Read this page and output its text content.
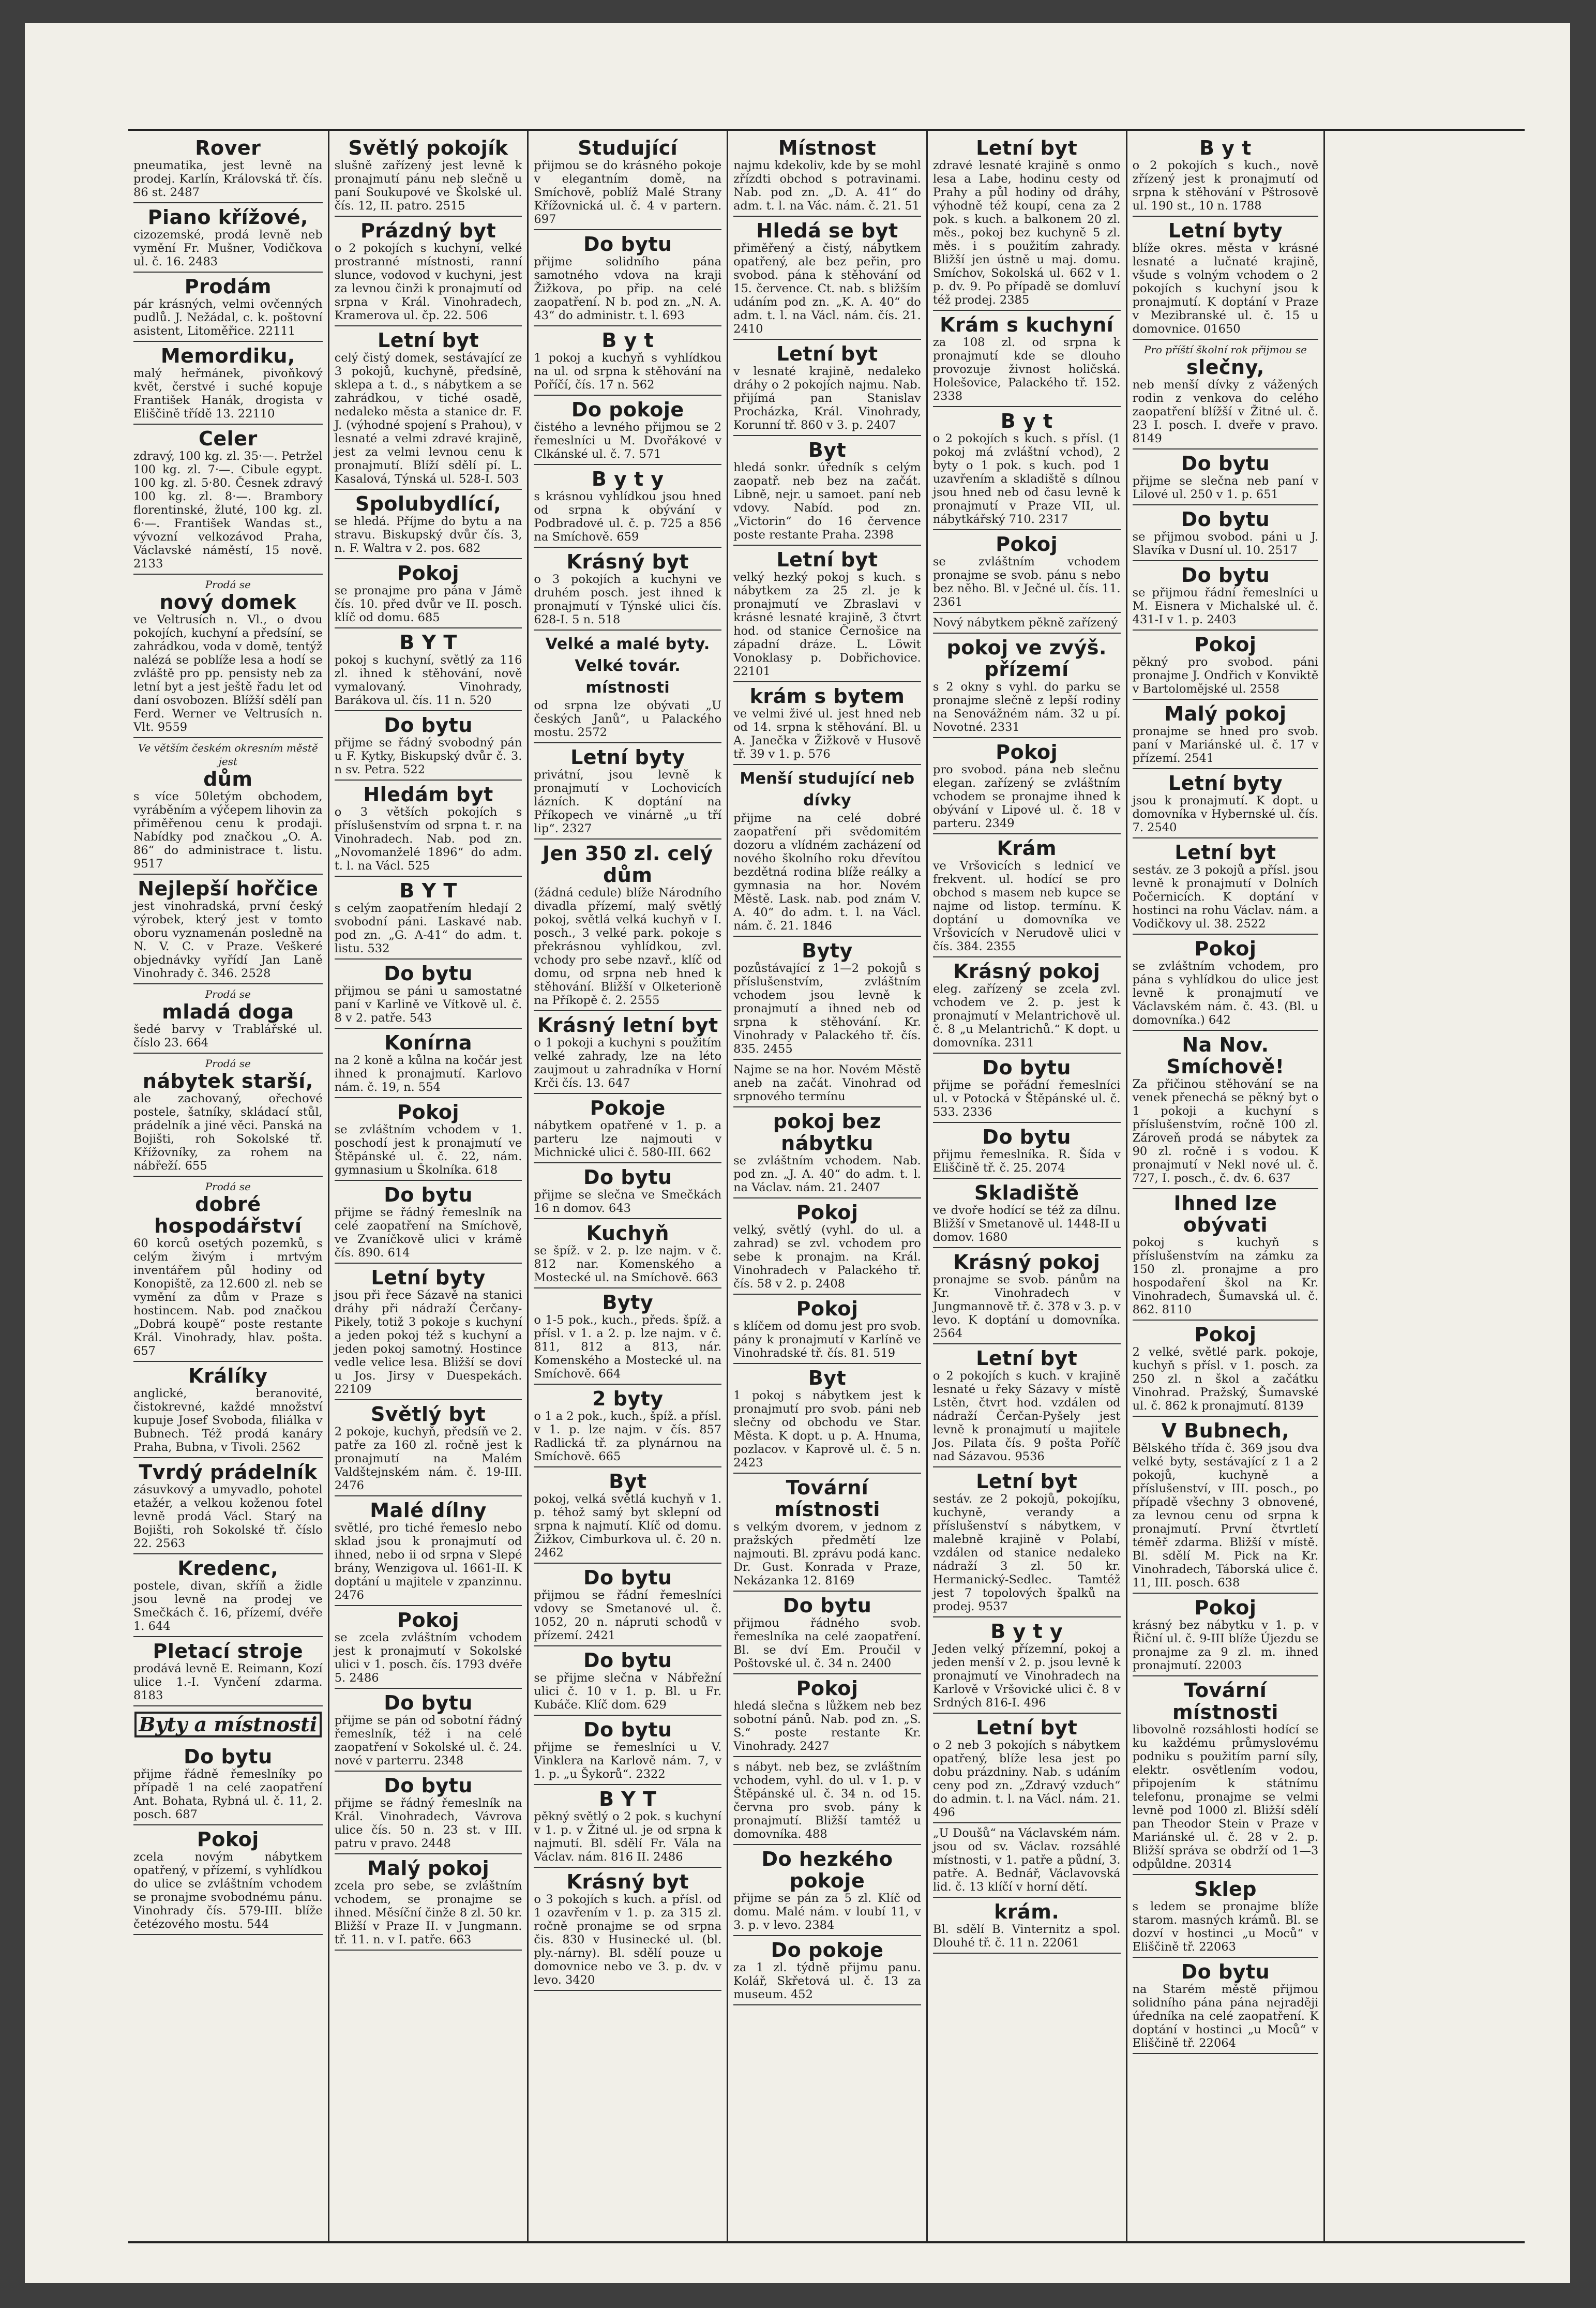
Rover

pneumatika, jest levně na prodej. Karlín, Královská tř. čís. 86 st. 2487

Piano křížové,

cizozemské, prodá levně neb vymění Fr. Mušner, Vodičkova ul. č. 16. 2483

Prodám

pár krásných, velmi ovčenných pudlů. J. Nežádal, c. k. poštovní asistent, Litoměřice. 22111

Memordiku,

malý heřmánek, pivoňkový květ, čerstvé i suché kopuje František Hanák, drogista v Eliščině třídě 13. 22110

Celer

zdravý, 100 kg. zl. 35·—. Petržel 100 kg. zl. 7·—. Cibule egypt. 100 kg. zl. 5·80. Česnek zdravý 100 kg. zl. 8·—. Brambory florentinské, žluté, 100 kg. zl. 6·—. František Wandas st., vývozní velkozávod Praha, Václavské náměstí, 15 nově. 2133

Prodá se
nový domek

ve Veltrusích n. Vl., o dvou pokojích, kuchyní a předsíní, se zahrádkou, voda v domě, tentýž nalézá se poblíže lesa a hodí se zvláště pro pp. pensisty neb za letní byt a jest ještě řadu let od daní osvobozen. Blížší sdělí pan Ferd. Werner ve Veltrusích n. Vlt. 9559

Ve větším českém okresním městě jest
dům

s více 50letým obchodem, vyráběním a výčepem lihovin za přiměřenou cenu k prodaji. Nabídky pod značkou „O. A. 86“ do administrace t. listu. 9517

Nejlepší hořčice

jest vinohradská, první český výrobek, který jest v tomto oboru vyznamenán posledně na N. V. C. v Praze. Veškeré objednávky vyřídí Jan Laně Vinohrady č. 346. 2528

Prodá se
mladá doga

šedé barvy v Trablářské ul. číslo 23. 664

Prodá se
nábytek starší,

ale zachovaný, ořechové postele, šatníky, skládací stůl, prádelník a jiné věci. Panská na Bojišti, roh Sokolské tř. Křížovníky, za rohem na nábřeží. 655

Prodá se
dobré hospodářství

60 korců osetých pozemků, s celým živým i mrtvým inventářem půl hodiny od Konopiště, za 12.600 zl. neb se vymění za dům v Praze s hostincem. Nab. pod značkou „Dobrá koupě“ poste restante Král. Vinohrady, hlav. pošta. 657

Králíky

anglické, beranovité, čistokrevné, každé množství kupuje Josef Svoboda, filiálka v Bubnech. Též prodá kanáry Praha, Bubna, v Tivoli. 2562

Tvrdý prádelník

zásuvkový a umyvadlo, pohotel etažér, a velkou koženou fotel levně prodá Václ. Starý na Bojišti, roh Sokolské tř. číslo 22. 2563

Kredenc,

postele, divan, skříň a židle jsou levně na prodej ve Smečkách č. 16, přízemí, dvéře 1. 644

Pletací stroje

prodává levně E. Reimann, Kozí ulice 1.-I. Vynčení zdarma. 8183

Byty a místnosti
Do bytu

přijme řádně řemeslníky po případě 1 na celé zaopatření Ant. Bohata, Rybná ul. č. 11, 2. posch. 687

Pokoj

zcela novým nábytkem opatřený, v přízemí, s vyhlídkou do ulice se zvláštním vchodem se pronajme svobodnému pánu. Vinohrady čís. 579-III. blíže četézového mostu. 544

Světlý pokojík

slušně zařízený jest levně k pronajmutí pánu neb slečně u paní Soukupové ve Školské ul. čís. 12, II. patro. 2515

Prázdný byt

o 2 pokojích s kuchyní, velké prostranné místnosti, ranní slunce, vodovod v kuchyni, jest za levnou činži k pronajmutí od srpna v Král. Vinohradech, Kramerova ul. čp. 22. 506

Letní byt

celý čistý domek, sestávající ze 3 pokojů, kuchyně, předsíně, sklepa a t. d., s nábytkem a se zahrádkou, v tiché osadě, nedaleko města a stanice dr. F. J. (výhodné spojení s Prahou), v lesnaté a velmi zdravé krajině, jest za velmi levnou cenu k pronajmutí. Blíží sdělí pí. L. Kasalová, Týnská ul. 528-I. 503

Spolubydlící,

se hledá. Příjme do bytu a na stravu. Biskupský dvůr čís. 3, n. F. Waltra v 2. pos. 682

Pokoj

se pronajme pro pána v Jámě čís. 10. před dvůr ve II. posch. klíč od domu. 685

B Y T

pokoj s kuchyní, světlý za 116 zl. ihned k stěhování, nově vymalovaný. Vinohrady, Barákova ul. čís. 11 n. 520

Do bytu

přijme se řádný svobodný pán u F. Kytky, Biskupský dvůr č. 3. n sv. Petra. 522

Hledám byt

o 3 větších pokojích s příslušenstvím od srpna t. r. na Vinohradech. Nab. pod zn. „Novomanželé 1896“ do adm. t. l. na Václ. 525

B Y T

s celým zaopatřením hledají 2 svobodní páni. Laskavé nab. pod zn. „G. A-41“ do adm. t. listu. 532

Do bytu

přijmou se páni u samostatné paní v Karlině ve Vítkově ul. č. 8 v 2. patře. 543

Konírna

na 2 koně a kůlna na kočár jest ihned k pronajmutí. Karlovo nám. č. 19, n. 554

Pokoj

se zvláštním vchodem v 1. poschodí jest k pronajmutí ve Štěpánské ul. č. 22, nám. gymnasium u Školníka. 618

Do bytu

přijme se řádný řemeslník na celé zaopatření na Smíchově, ve Zvaníčkově ulici v krámě čís. 890. 614

Letní byty

jsou při řece Sázavě na stanici dráhy při nádraží Čerčany-Pikely, totiž 3 pokoje s kuchyní a jeden pokoj též s kuchyní a jeden pokoj samotný. Hostince vedle velice lesa. Bližší se doví u Jos. Jirsy v Duespekách. 22109

Světlý byt

2 pokoje, kuchyň, předsíň ve 2. patře za 160 zl. ročně jest k pronajmutí na Malém Valdštejnském nám. č. 19-III. 2476

Malé dílny

světlé, pro tiché řemeslo nebo sklad jsou k pronajmutí od ihned, nebo ii od srpna v Slepé brány, Wenzigova ul. 1661-II. K doptání u majitele v zpanzinnu. 2476

Pokoj

se zcela zvláštním vchodem jest k pronajmutí v Sokolské ulici v 1. posch. čís. 1793 dvéře 5. 2486

Do bytu

přijme se pán od sobotní řádný řemeslník, též i na celé zaopatření v Sokolské ul. č. 24. nové v parterru. 2348

Do bytu

přijme se řádný řemeslník na Král. Vinohradech, Vávrova ulice čís. 50 n. 23 st. v III. patru v pravo. 2448

Malý pokoj

zcela pro sebe, se zvláštním vchodem, se pronajme se ihned. Měsíční činže 8 zl. 50 kr. Bližší v Praze II. v Jungmann. tř. 11. n. v I. patře. 663

Studující

přijmou se do krásného pokoje v elegantním domě, na Smíchově, poblíž Malé Strany Křížovnická ul. č. 4 v partern. 697

Do bytu

přijme solidního pána samotného vdova na kraji Žižkova, po přip. na celé zaopatření. N b. pod zn. „N. A. 43“ do administr. t. l. 693

B y t

1 pokoj a kuchyň s vyhlídkou na ul. od srpna k stěhování na Poříčí, čís. 17 n. 562

Do pokoje

čistého a levného přijmou se 2 řemeslníci u M. Dvořákové v Clkánské ul. č. 7. 571

B y t y

s krásnou vyhlídkou jsou hned od srpna k obývání v Podbradové ul. č. p. 725 a 856 na Smíchově. 659

Krásný byt

o 3 pokojích a kuchyni ve druhém posch. jest ihned k pronajmutí v Týnské ulici čís. 628-I. 5 n. 518

Velké a malé byty. Velké továr. místnosti

od srpna lze obývati „U českých Janů“, u Palackého mostu. 2572

Letní byty

privátní, jsou levně k pronajmutí v Lochovicích lázních. K doptání na Příkopech ve vinárně „u tří lip“. 2327

Jen 350 zl. celý dům

(žádná cedule) blíže Národního divadla přízemí, malý světlý pokoj, světlá velká kuchyň v I. posch., 3 velké park. pokoje s překrásnou vyhlídkou, zvl. vchody pro sebe nzavř., klíč od domu, od srpna neb hned k stěhování. Bližší v Olketerioně na Příkopě č. 2. 2555

Krásný letní byt

o 1 pokoji a kuchyni s použitím velké zahrady, lze na léto zaujmout u zahradníka v Horní Krči čís. 13. 647

Pokoje

nábytkem opatřené v 1. p. a parteru lze najmouti v Michnické ulici č. 580-III. 662

Do bytu

přijme se slečna ve Smečkách 16 n domov. 643

Kuchyň

se špíž. v 2. p. lze najm. v č. 812 nar. Komenského a Mostecké ul. na Smíchově. 663

Byty

o 1-5 pok., kuch., předs. špíž. a přísl. v 1. a 2. p. lze najm. v č. 811, 812 a 813, nár. Komenského a Mostecké ul. na Smíchově. 664

2 byty

o 1 a 2 pok., kuch., špíž. a přísl. v 1. p. lze najm. v čís. 857 Radlická tř. za plynárnou na Smíchově. 665

Byt

pokoj, velká světlá kuchyň v 1. p. téhož samý byt sklepní od srpna k najmutí. Klíč od domu. Žižkov, Cimburkova ul. č. 20 n. 2462

Do bytu

přijmou se řádní řemeslníci vdovy se Smetanové ul. č. 1052, 20 n. nápruti schodů v přízemí. 2421

Do bytu

se přijme slečna v Nábřežní ulici č. 10 v 1. p. Bl. u Fr. Kubáče. Klíč dom. 629

Do bytu

přijme se řemeslníci u V. Vinklera na Karlově nám. 7, v 1. p. „u Šykorů“. 2322

B Y T

pěkný světlý o 2 pok. s kuchyní v 1. p. v Žitné ul. je od srpna k najmutí. Bl. sdělí Fr. Vála na Václav. nám. 816 II. 2486

Krásný byt

o 3 pokojích s kuch. a přísl. od 1 ozavřením v 1. p. za 315 zl. ročně pronajme se od srpna čis. 830 v Husinecké ul. (bl. ply.-nárny). Bl. sdělí pouze u domovnice nebo ve 3. p. dv. v levo. 3420

Místnost

najmu kdekoliv, kde by se mohl zřízdti obchod s potravinami. Nab. pod zn. „D. A. 41“ do adm. t. l. na Vác. nám. č. 21. 51

Hledá se byt

přiměřený a čistý, nábytkem opatřený, ale bez peřin, pro svobod. pána k stěhování od 15. července. Ct. nab. s bližším udáním pod zn. „K. A. 40“ do adm. t. l. na Václ. nám. čís. 21. 2410

Letní byt

v lesnaté krajině, nedaleko dráhy o 2 pokojích najmu. Nab. přijímá pan Stanislav Procházka, Král. Vinohrady, Korunní tř. 860 v 3. p. 2407

Byt

hledá sonkr. úředník s celým zaopatř. neb bez na začát. Libně, nejr. u samoet. paní neb vdovy. Nabíd. pod zn. „Victorin“ do 16 července poste restante Praha. 2398

Letní byt

velký hezký pokoj s kuch. s nábytkem za 25 zl. je k pronajmutí ve Zbraslavi v krásné lesnaté krajině, 3 čtvrt hod. od stanice Černošice na západní dráze. L. Löwit Vonoklasy p. Dobřichovice. 22101

krám s bytem

ve velmi živé ul. jest hned neb od 14. srpna k stěhování. Bl. u A. Janečka v Žižkově v Husově tř. 39 v 1. p. 576

Menší studující neb dívky

přijme na celé dobré zaopatření při svědomitém dozoru a vlídném zacházení od nového školního roku dřevítou bezdětná rodina blíže reálky a gymnasia na hor. Novém Městě. Lask. nab. pod znám V. A. 40“ do adm. t. l. na Václ. nám. č. 21. 1846

Byty

pozůstávající z 1—2 pokojů s příslušenstvím, zvláštním vchodem jsou levně k pronajmutí a ihned neb od srpna k stěhování. Kr. Vinohrady v Palackého tř. čís. 835. 2455

Najme se na hor. Novém Městě aneb na začát. Vinohrad od srpnového termínu

pokoj bez nábytku

se zvláštním vchodem. Nab. pod zn. „J. A. 40“ do adm. t. l. na Václav. nám. 21. 2407

Pokoj

velký, světlý (vyhl. do ul. a zahrad) se zvl. vchodem pro sebe k pronajm. na Král. Vinohradech v Palackého tř. čís. 58 v 2. p. 2408

Pokoj

s klíčem od domu jest pro svob. pány k pronajmutí v Karlíně ve Vinohradské tř. čís. 81. 519

Byt

1 pokoj s nábytkem jest k pronajmutí pro svob. páni neb slečny od obchodu ve Star. Města. K dopt. u p. A. Hnuma, pozlacov. v Kaprově ul. č. 5 n. 2423

Tovární místnosti

s velkým dvorem, v jednom z pražských předmětí lze najmouti. Bl. zprávu podá kanc. Dr. Gust. Konrada v Praze, Nekázanka 12. 8169

Do bytu

přijmou řádného svob. řemeslníka na celé zaopatření. Bl. se dví Em. Proučil v Poštovské ul. č. 34 n. 2400

Pokoj

hledá slečna s lůžkem neb bez sobotní pánů. Nab. pod zn. „S. S.“ poste restante Kr. Vinohrady. 2427

s nábyt. neb bez, se zvláštním vchodem, vyhl. do ul. v 1. p. v Štěpánské ul. č. 34 n. od 15. června pro svob. pány k pronajmutí. Bližší tamtéž u domovníka. 488

Do hezkého pokoje

přijme se pán za 5 zl. Klíč od domu. Malé nám. v loubí 11, v 3. p. v levo. 2384

Do pokoje

za 1 zl. týdně přijmu panu. Kolář, Skřetová ul. č. 13 za museum. 452

Letní byt

zdravé lesnaté krajině s onmo lesa a Labe, hodinu cesty od Prahy a půl hodiny od dráhy, výhodně též koupí, cena za 2 pok. s kuch. a balkonem 20 zl. měs., pokoj bez kuchyně 5 zl. měs. i s použitím zahrady. Bližší jen ústně u maj. domu. Smíchov, Sokolská ul. 662 v 1. p. dv. 9. Po případě se domluví též prodej. 2385

Krám s kuchyní

za 108 zl. od srpna k pronajmutí kde se dlouho provozuje živnost holičská. Holešovice, Palackého tř. 152. 2338

B y t

o 2 pokojích s kuch. s přísl. (1 pokoj má zvláštní vchod), 2 byty o 1 pok. s kuch. pod 1 uzavřením a skladiště s dílnou jsou hned neb od času levně k pronajmutí v Praze VII, ul. nábytkářský 710. 2317

Pokoj

se zvláštním vchodem pronajme se svob. pánu s nebo bez něho. Bl. v Ječné ul. čís. 11. 2361

Nový nábytkem pěkně zařízený

pokoj ve zvýš. přízemí

s 2 okny s vyhl. do parku se pronajme slečně z lepší rodiny na Senovážném nám. 32 u pí. Novotné. 2331

Pokoj

pro svobod. pána neb slečnu elegan. zařízený se zvláštním vchodem se pronajme ihned k obývání v Lipové ul. č. 18 v parteru. 2349

Krám

ve Vršovicích s lednicí ve frekvent. ul. hodící se pro obchod s masem neb kupce se najme od listop. termínu. K doptání u domovníka ve Vršovicích v Nerudově ulici v čís. 384. 2355

Krásný pokoj

eleg. zařízený se zcela zvl. vchodem ve 2. p. jest k pronajmutí v Melantrichově ul. č. 8 „u Melantrichů.“ K dopt. u domovníka. 2311

Do bytu

přijme se pořádní řemeslníci ul. v Potocká v Štěpánské ul. č. 533. 2336

Do bytu

přijmu řemeslníka. R. Šída v Eliščině tř. č. 25. 2074

Skladiště

ve dvoře hodící se též za dílnu. Bližší v Smetanově ul. 1448-II u domov. 1680

Krásný pokoj

pronajme se svob. pánům na Kr. Vinohradech v Jungmannově tř. č. 378 v 3. p. v levo. K doptání u domovníka. 2564

Letní byt

o 2 pokojích s kuch. v krajině lesnaté u řeky Sázavy v místě Lstěn, čtvrt hod. vzdálen od nádraží Čerčan-Pyšely jest levně k pronajmutí u majitele Jos. Pilata čís. 9 pošta Poříč nad Sázavou. 9536

Letní byt

sestáv. ze 2 pokojů, pokojíku, kuchyně, verandy a příslušenství s nábytkem, v malebně krajině v Polabí, vzdálen od stanice nedaleko nádraží 3 zl. 50 kr. Hermanický-Sedlec. Tamtéž jest 7 topolových špalků na prodej. 9537

B y t y

Jeden velký přízemní, pokoj a jeden menší v 2. p. jsou levně k pronajmutí ve Vinohradech na Karlově v Vršovické ulici č. 8 v Srdných 816-I. 496

Letní byt

o 2 neb 3 pokojích s nábytkem opatřený, blíže lesa jest po dobu prázdniny. Nab. s udáním ceny pod zn. „Zdravý vzduch“ do admin. t. l. na Václ. nám. 21. 496

„U Doušů“ na Václavském nám. jsou od sv. Václav. rozsáhlé místnosti, v 1. patře a půdní, 3. patře. A. Bednář, Václavovská lid. č. 13 klíčí v horní dětí.

krám.

Bl. sdělí B. Vinternitz a spol. Dlouhé tř. č. 11 n. 22061

B y t

o 2 pokojích s kuch., nově zřízený jest k pronajmutí od srpna k stěhování v Pštrosově ul. 190 st., 10 n. 1788

Letní byty

blíže okres. města v krásné lesnaté a lučnaté krajině, všude s volným vchodem o 2 pokojích s kuchyní jsou k pronajmutí. K doptání v Praze v Mezibranské ul. č. 15 u domovnice. 01650

Pro příští školní rok přijmou se
slečny,

neb menší dívky z vážených rodin z venkova do celého zaopatření blížší v Žitné ul. č. 23 I. posch. I. dveře v pravo. 8149

Do bytu

přijme se slečna neb paní v Lilové ul. 250 v 1. p. 651

Do bytu

se přijmou svobod. páni u J. Slavíka v Dusní ul. 10. 2517

Do bytu

se přijmou řádní řemeslníci u M. Eisnera v Michalské ul. č. 431-I v 1. p. 2403

Pokoj

pěkný pro svobod. páni pronajme J. Ondřich v Konviktě v Bartolomějské ul. 2558

Malý pokoj

pronajme se hned pro svob. paní v Mariánské ul. č. 17 v přízemí. 2541

Letní byty

jsou k pronajmutí. K dopt. u domovníka v Hybernské ul. čís. 7. 2540

Letní byt

sestáv. ze 3 pokojů a přísl. jsou levně k pronajmutí v Dolních Počernicích. K doptání v hostinci na rohu Václav. nám. a Vodičkovy ul. 38. 2522

Pokoj

se zvláštním vchodem, pro pána s vyhlídkou do ulice jest levně k pronajmutí ve Václavském nám. č. 43. (Bl. u domovníka.) 642

Na Nov. Smíchově!

Za přičinou stěhování se na venek přenechá se pěkný byt o 1 pokoji a kuchyní s příslušenstvím, ročně 100 zl. Zároveň prodá se nábytek za 90 zl. ročně i s vodou. K pronajmutí v Nekl nové ul. č. 727, I. posch., č. dv. 6. 637

Ihned lze obývati

pokoj s kuchyň s příslušenstvím na zámku za 150 zl. pronajme a pro hospodaření škol na Kr. Vinohradech, Šumavská ul. č. 862. 8110

Pokoj

2 velké, světlé park. pokoje, kuchyň s přísl. v 1. posch. za 250 zl. n škol a začátku Vinohrad. Pražský, Šumavské ul. č. 862 k pronajmutí. 8139

V Bubnech,

Bělského třída č. 369 jsou dva velké byty, sestávající z 1 a 2 pokojů, kuchyně a příslušenství, v III. posch., po případě všechny 3 obnovené, za levnou cenu od srpna k pronajmutí. První čtvrtletí téměř zdarma. Bližší v místě. Bl. sdělí M. Pick na Kr. Vinohradech, Táborská ulice č. 11, III. posch. 638

Pokoj

krásný bez nábytku v 1. p. v Řiční ul. č. 9-III blíže Újezdu se pronajme za 9 zl. m. ihned pronajmutí. 22003

Tovární místnosti

libovolně rozsáhlosti hodící se ku každému průmyslovému podniku s použitím parní síly, elektr. osvětlením vodou, připojením k státnímu telefonu, pronajme se velmi levně pod 1000 zl. Bližší sdělí pan Theodor Stein v Praze v Mariánské ul. č. 28 v 2. p. Bližší správa se obdrží od 1—3 odpůldne. 20314

Sklep

s ledem se pronajme blíže starom. masných krámů. Bl. se dozví v hostinci „u Moců“ v Eliščině tř. 22063

Do bytu

na Starém městě přijmou solidního pána pána nejraději úředníka na celé zaopatření. K doptání v hostinci „u Moců“ v Eliščině tř. 22064
